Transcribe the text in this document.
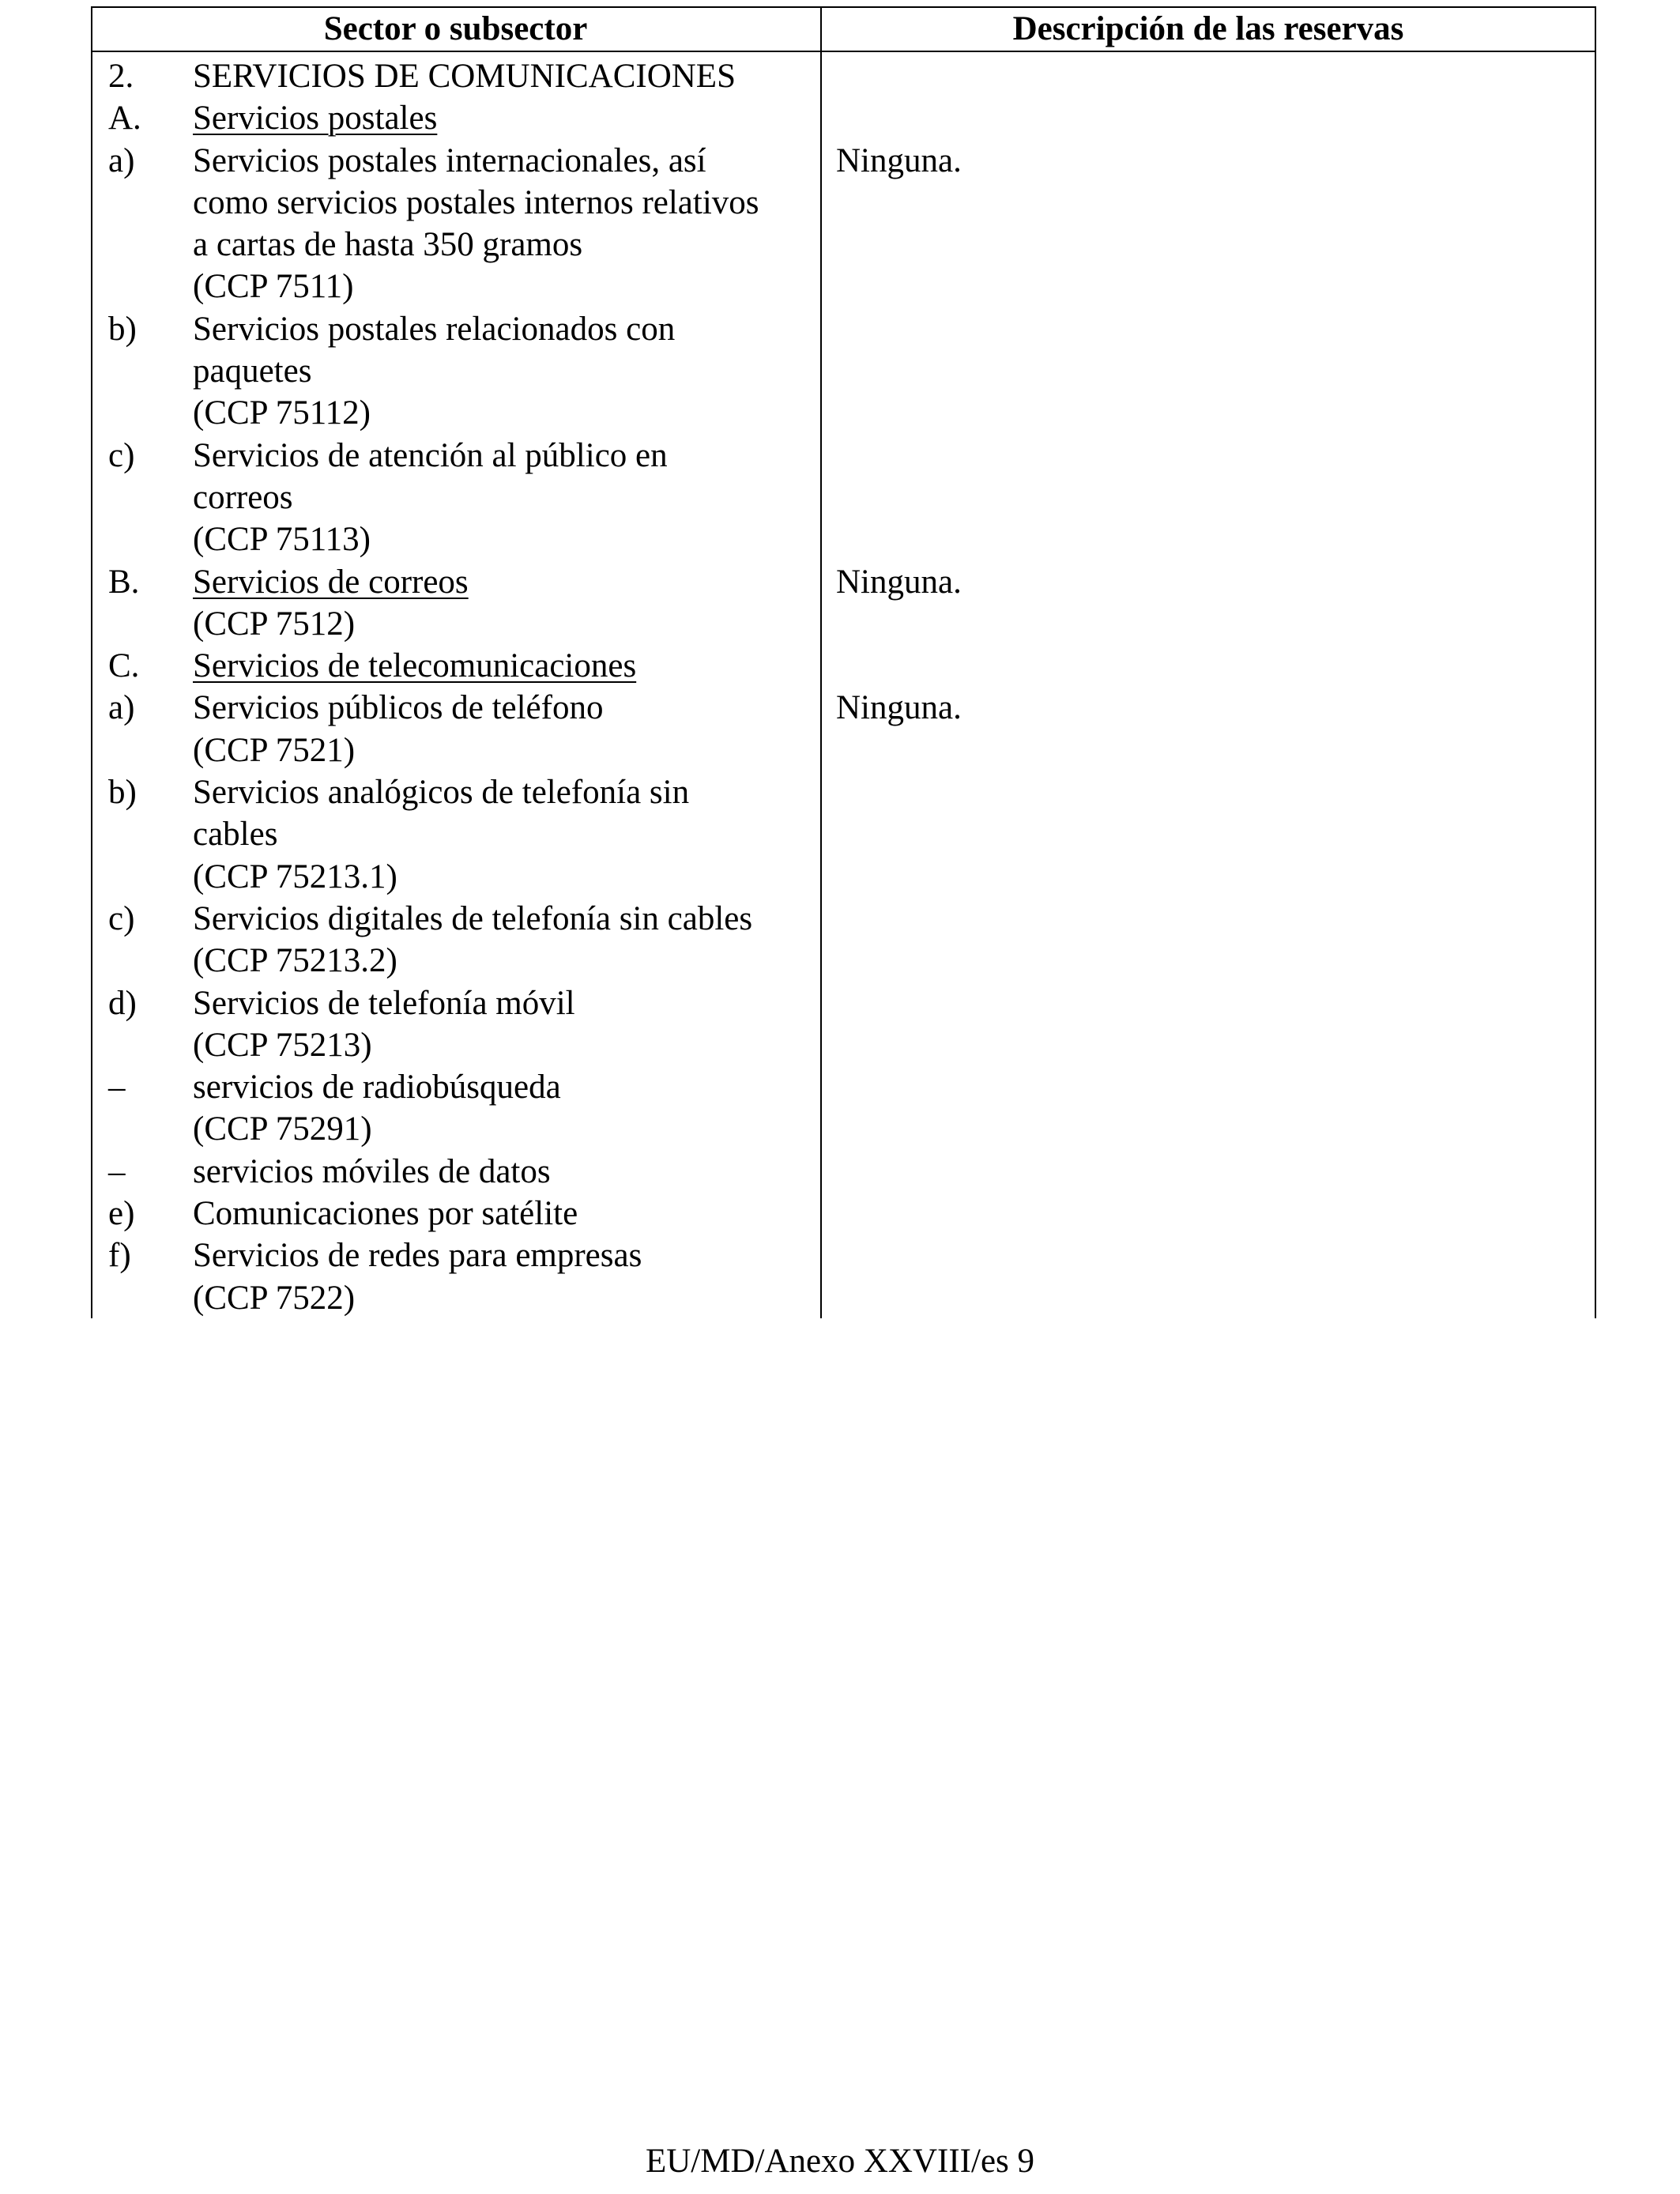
Sector o subsector	Descripción de las reservas
2. SERVICIOS DE COMUNICACIONES
A. Servicios postales
a) Servicios postales internacionales, así
como servicios postales internos relativos
a cartas de hasta 350 gramos
(CCP 7511)
Ninguna.
b) Servicios postales relacionados con
paquetes
(CCP 75112)
c) Servicios de atención al público en
correos
(CCP 75113)
B. Servicios de correos
(CCP 7512)
Ninguna.
C. Servicios de telecomunicaciones
a) Servicios públicos de teléfono
(CCP 7521)
Ninguna.
b) Servicios analógicos de telefonía sin
cables
(CCP 75213.1)
c) Servicios digitales de telefonía sin cables
(CCP 75213.2)
d) Servicios de telefonía móvil
(CCP 75213)
– servicios de radiobúsqueda
(CCP 75291)
– servicios móviles de datos
e) Comunicaciones por satélite
f) Servicios de redes para empresas
(CCP 7522)
EU/MD/Anexo XXVIII/es 9
